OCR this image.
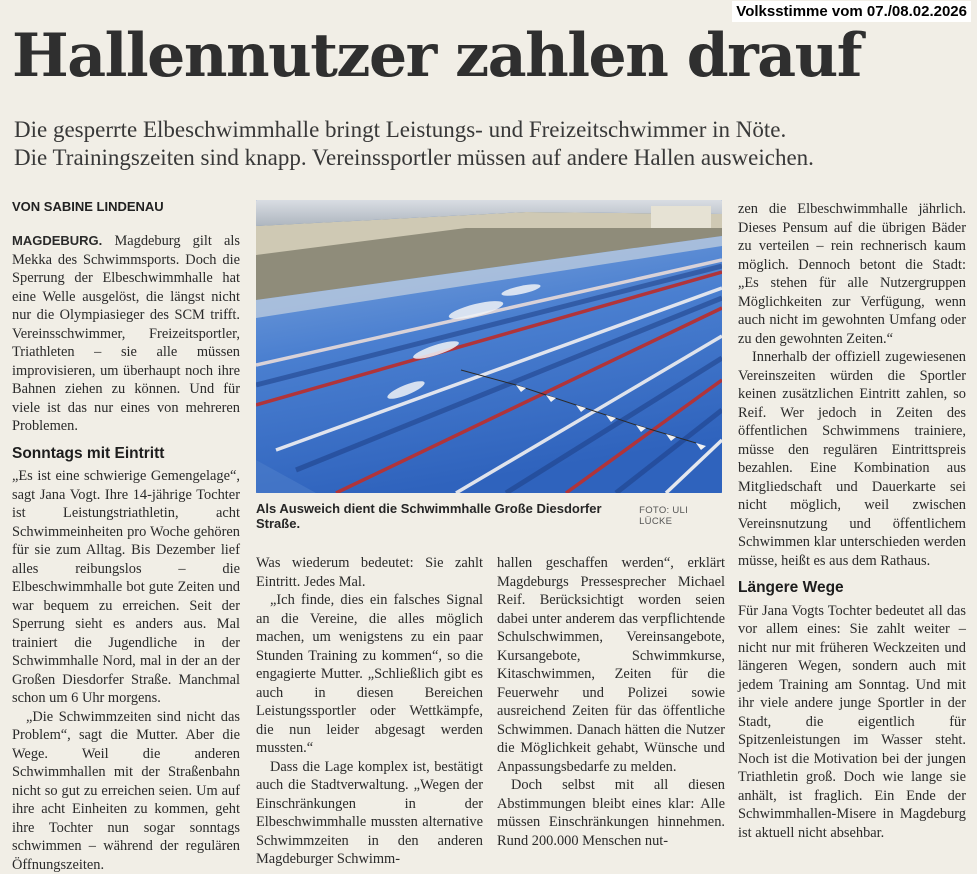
Volksstimme vom 07./08.02.2026
Hallennutzer zahlen drauf
Die gesperrte Elbeschwimmhalle bringt Leistungs- und Freizeitschwimmer in Nöte.
Die Trainingszeiten sind knapp. Vereinssportler müssen auf andere Hallen ausweichen.
VON SABINE LINDENAU

MAGDEBURG. Magdeburg gilt als Mekka des Schwimmsports. Doch die Sperrung der Elbeschwimmhalle hat eine Welle ausgelöst, die längst nicht nur die Olympiasieger des SCM trifft. Vereinsschwimmer, Freizeitsportler, Triathleten – sie alle müssen improvisieren, um überhaupt noch ihre Bahnen ziehen zu können. Und für viele ist das nur eines von mehreren Problemen.

Sonntags mit Eintritt

„Es ist eine schwierige Gemengelage“, sagt Jana Vogt. Ihre 14-jährige Tochter ist Leistungstriathletin, acht Schwimmeinheiten pro Woche gehören für sie zum Alltag. Bis Dezember lief alles reibungslos – die Elbeschwimmhalle bot gute Zeiten und war bequem zu erreichen. Seit der Sperrung sieht es anders aus. Mal trainiert die Jugendliche in der Schwimmhalle Nord, mal in der an der Großen Diesdorfer Straße. Manchmal schon um 6 Uhr morgens.

„Die Schwimmzeiten sind nicht das Problem“, sagt die Mutter. Aber die Wege. Weil die anderen Schwimmhallen mit der Straßenbahn nicht so gut zu erreichen seien. Um auf ihre acht Einheiten zu kommen, geht ihre Tochter nun sogar sonntags schwimmen – während der regulären Öffnungszeiten.

Als Ausweich dient die Schwimmhalle Große Diesdorfer Straße.
FOTO: ULI LÜCKE

Was wiederum bedeutet: Sie zahlt Eintritt. Jedes Mal.

„Ich finde, dies ein falsches Signal an die Vereine, die alles möglich machen, um wenigstens zu ein paar Stunden Training zu kommen“, so die engagierte Mutter. „Schließlich gibt es auch in diesen Bereichen Leistungssportler oder Wettkämpfe, die nun leider abgesagt werden mussten.“

Dass die Lage komplex ist, bestätigt auch die Stadtverwaltung. „Wegen der Einschränkungen in der Elbeschwimmhalle mussten alternative Schwimmzeiten in den anderen Magdeburger Schwimm-

hallen geschaffen werden“, erklärt Magdeburgs Pressesprecher Michael Reif. Berücksichtigt worden seien dabei unter anderem das verpflichtende Schulschwimmen, Vereinsangebote, Kursangebote, Schwimmkurse, Kitaschwimmen, Zeiten für die Feuerwehr und Polizei sowie ausreichend Zeiten für das öffentliche Schwimmen. Danach hätten die Nutzer die Möglichkeit gehabt, Wünsche und Anpassungsbedarfe zu melden.

Doch selbst mit all diesen Abstimmungen bleibt eines klar: Alle müssen Einschränkungen hinnehmen. Rund 200.000 Menschen nut-

zen die Elbeschwimmhalle jährlich. Dieses Pensum auf die übrigen Bäder zu verteilen – rein rechnerisch kaum möglich. Dennoch betont die Stadt: „Es stehen für alle Nutzergruppen Möglichkeiten zur Verfügung, wenn auch nicht im gewohnten Umfang oder zu den gewohnten Zeiten.“

Innerhalb der offiziell zugewiesenen Vereinszeiten würden die Sportler keinen zusätzlichen Eintritt zahlen, so Reif. Wer jedoch in Zeiten des öffentlichen Schwimmens trainiere, müsse den regulären Eintrittspreis bezahlen. Eine Kombination aus Mitgliedschaft und Dauerkarte sei nicht möglich, weil zwischen Vereinsnutzung und öffentlichem Schwimmen klar unterschieden werden müsse, heißt es aus dem Rathaus.

Längere Wege

Für Jana Vogts Tochter bedeutet all das vor allem eines: Sie zahlt weiter – nicht nur mit früheren Weckzeiten und längeren Wegen, sondern auch mit jedem Training am Sonntag. Und mit ihr viele andere junge Sportler in der Stadt, die eigentlich für Spitzenleistungen im Wasser steht. Noch ist die Motivation bei der jungen Triathletin groß. Doch wie lange sie anhält, ist fraglich. Ein Ende der Schwimmhallen-Misere in Magdeburg ist aktuell nicht absehbar.
